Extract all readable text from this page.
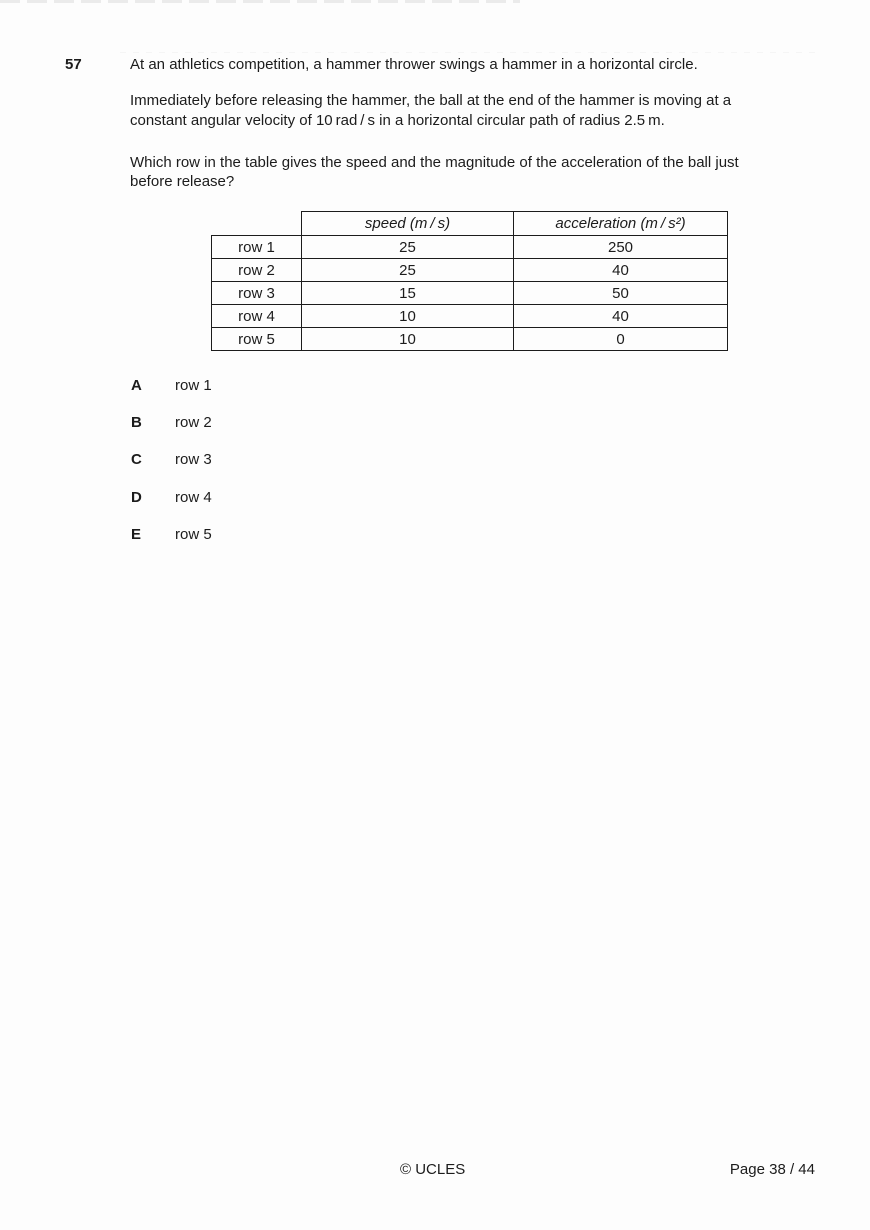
57	At an athletics competition, a hammer thrower swings a hammer in a horizontal circle.
Immediately before releasing the hammer, the ball at the end of the hammer is moving at a
constant angular velocity of 10 rad / s in a horizontal circular path of radius 2.5 m.
Which row in the table gives the speed and the magnitude of the acceleration of the ball just
before release?
	speed (m / s)	acceleration (m / s²)
row 1	25	250
row 2	25	40
row 3	15	50
row 4	10	40
row 5	10	0
A	row 1
B	row 2
C	row 3
D	row 4
E	row 5
© UCLES	Page 38 / 44
